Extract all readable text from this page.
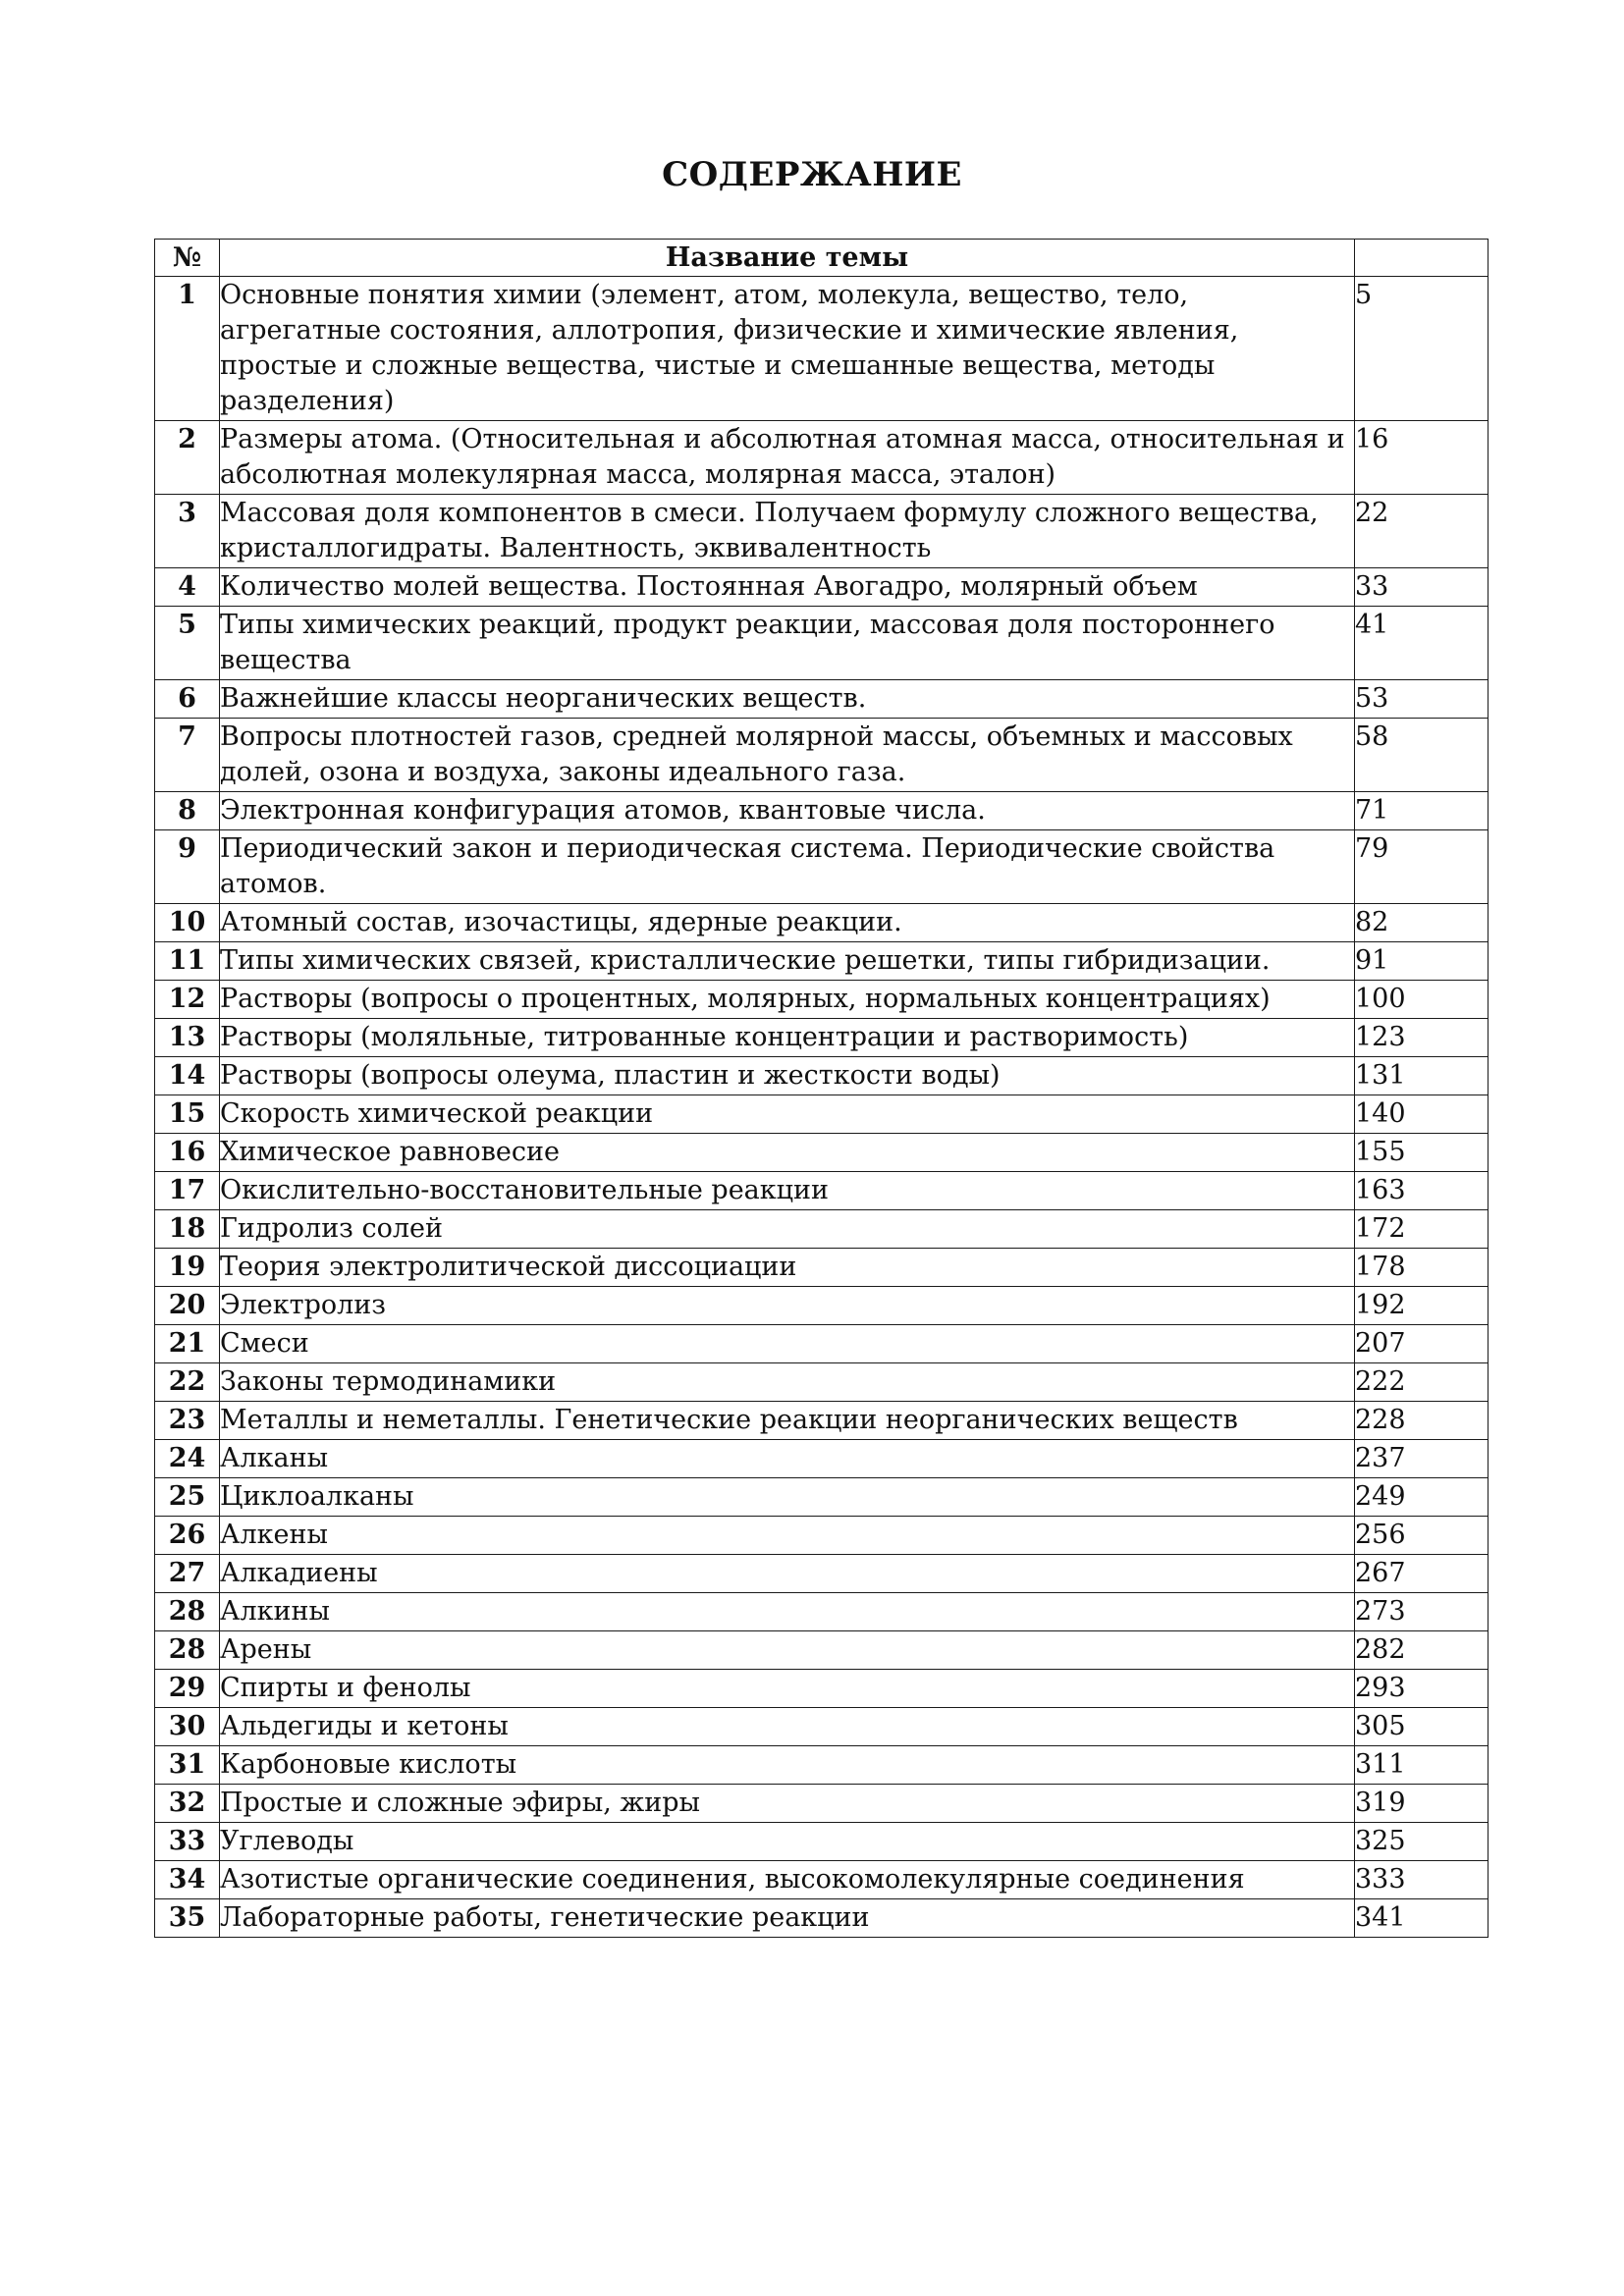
СОДЕРЖАНИЕ
№	Название темы	
1	Основные понятия химии (элемент, атом, молекула, вещество, тело, агрегатные состояния, аллотропия, физические и химические явления, простые и сложные вещества, чистые и смешанные вещества, методы разделения)	5
2	Размеры атома. (Относительная и абсолютная атомная масса, относительная и абсолютная молекулярная масса, молярная масса, эталон)	16
3	Массовая доля компонентов в смеси. Получаем формулу сложного вещества, кристаллогидраты. Валентность, эквивалентность	22
4	Количество молей вещества. Постоянная Авогадро, молярный объем	33
5	Типы химических реакций, продукт реакции, массовая доля постороннего вещества	41
6	Важнейшие классы неорганических веществ.	53
7	Вопросы плотностей газов, средней молярной массы, объемных и массовых долей, озона и воздуха, законы идеального газа.	58
8	Электронная конфигурация атомов, квантовые числа.	71
9	Периодический закон и периодическая система. Периодические свойства атомов.	79
10	Атомный состав, изочастицы, ядерные реакции.	82
11	Типы химических связей, кристаллические решетки, типы гибридизации.	91
12	Растворы (вопросы о процентных, молярных, нормальных концентрациях)	100
13	Растворы (моляльные, титрованные концентрации и растворимость)	123
14	Растворы (вопросы олеума, пластин и жесткости воды)	131
15	Скорость химической реакции	140
16	Химическое равновесие	155
17	Окислительно-восстановительные реакции	163
18	Гидролиз солей	172
19	Теория электролитической диссоциации	178
20	Электролиз	192
21	Смеси	207
22	Законы термодинамики	222
23	Металлы и неметаллы. Генетические реакции неорганических веществ	228
24	Алканы	237
25	Циклоалканы	249
26	Алкены	256
27	Алкадиены	267
28	Алкины	273
28	Арены	282
29	Спирты и фенолы	293
30	Альдегиды и кетоны	305
31	Карбоновые кислоты	311
32	Простые и сложные эфиры, жиры	319
33	Углеводы	325
34	Азотистые органические соединения, высокомолекулярные соединения	333
35	Лабораторные работы, генетические реакции	341
